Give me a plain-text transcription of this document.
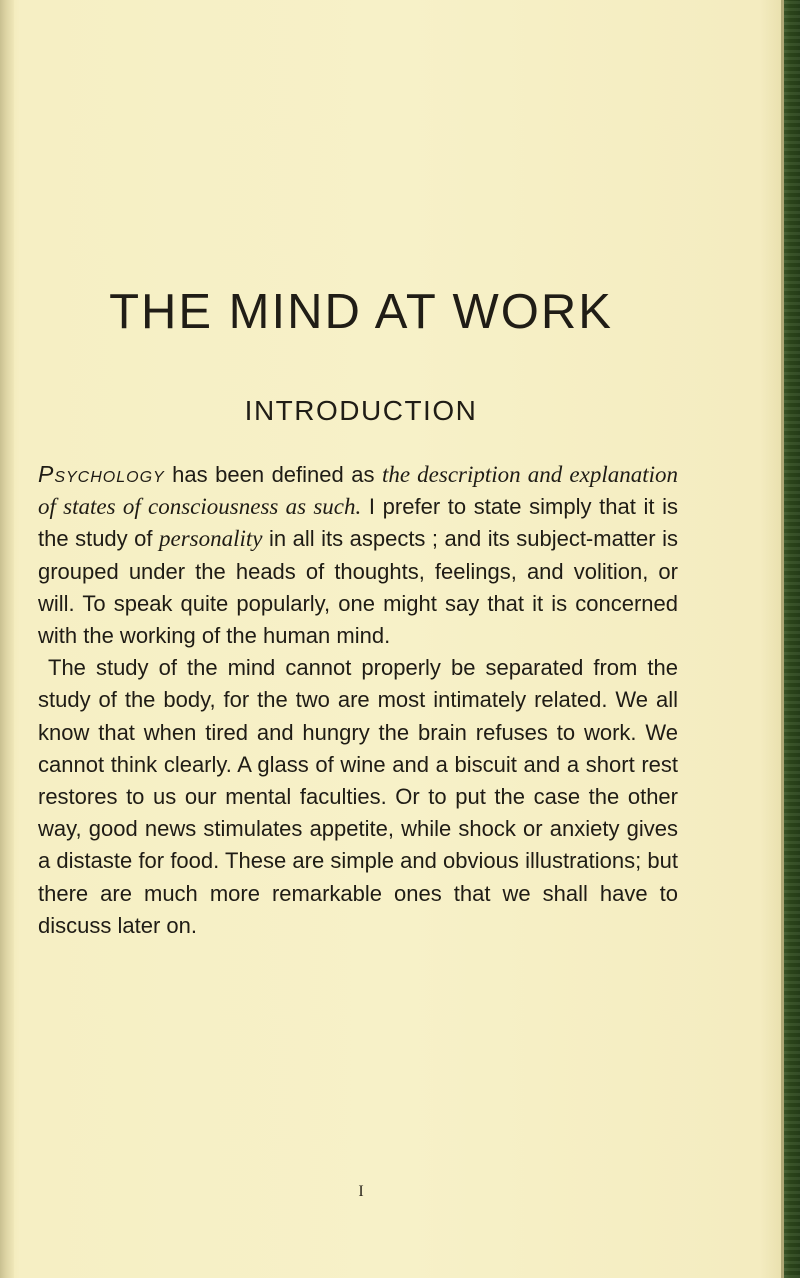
THE MIND AT WORK
INTRODUCTION

Psychology has been defined as the description and explanation of states of consciousness as such. I prefer to state simply that it is the study of personality in all its aspects ; and its subject-matter is grouped under the heads of thoughts, feelings, and volition, or will. To speak quite popularly, one might say that it is concerned with the working of the human mind.

The study of the mind cannot properly be separated from the study of the body, for the two are most intimately related. We all know that when tired and hungry the brain refuses to work. We cannot think clearly. A glass of wine and a biscuit and a short rest restores to us our mental faculties. Or to put the case the other way, good news stimulates appetite, while shock or anxiety gives a distaste for food. These are simple and obvious illustrations; but there are much more remarkable ones that we shall have to discuss later on.

I
